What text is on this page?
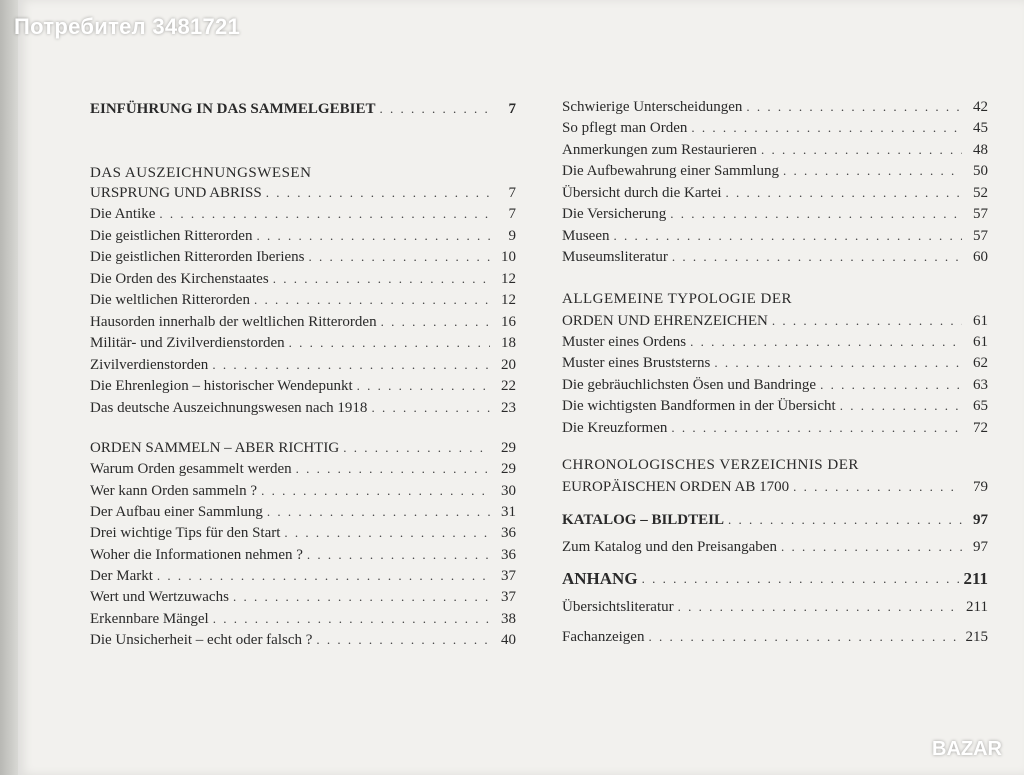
EINFÜHRUNG IN DAS SAMMELGEBIET . . .	7
DAS AUSZEICHNUNGSWESEN
URSPRUNG UND ABRISS . . .	7
Die Antike . . .	7
Die geistlichen Ritterorden . . .	9
Die geistlichen Ritterorden Iberiens . . .	10
Die Orden des Kirchenstaates . . .	12
Die weltlichen Ritterorden . . .	12
Hausorden innerhalb der weltlichen Ritterorden . . .	16
Militär- und Zivilverdienstorden . . .	18
Zivilverdienstorden . . .	20
Die Ehrenlegion – historischer Wendepunkt . . .	22
Das deutsche Auszeichnungswesen nach 1918 . . .	23
ORDEN SAMMELN – ABER RICHTIG . . .	29
Warum Orden gesammelt werden . . .	29
Wer kann Orden sammeln ? . . .	30
Der Aufbau einer Sammlung . . .	31
Drei wichtige Tips für den Start . . .	36
Woher die Informationen nehmen ? . . .	36
Der Markt . . .	37
Wert und Wertzuwachs . . .	37
Erkennbare Mängel . . .	38
Die Unsicherheit – echt oder falsch ? . . .	40
Schwierige Unterscheidungen . . .	42
So pflegt man Orden . . .	45
Anmerkungen zum Restaurieren . . .	48
Die Aufbewahrung einer Sammlung . . .	50
Übersicht durch die Kartei . . .	52
Die Versicherung . . .	57
Museen . . .	57
Museumsliteratur . . .	60
ALLGEMEINE TYPOLOGIE DER
ORDEN UND EHRENZEICHEN . . .	61
Muster eines Ordens . . .	61
Muster eines Bruststerns . . .	62
Die gebräuchlichsten Ösen und Bandringe . . .	63
Die wichtigsten Bandformen in der Übersicht . . .	65
Die Kreuzformen . . .	72
CHRONOLOGISCHES VERZEICHNIS DER
EUROPÄISCHEN ORDEN AB 1700 . . .	79
KATALOG – BILDTEIL . . .	97
Zum Katalog und den Preisangaben . . .	97
ANHANG . . .	211
Übersichtsliteratur . . .	211
Fachanzeigen . . .	215
Потребител 3481721
BAZAR
